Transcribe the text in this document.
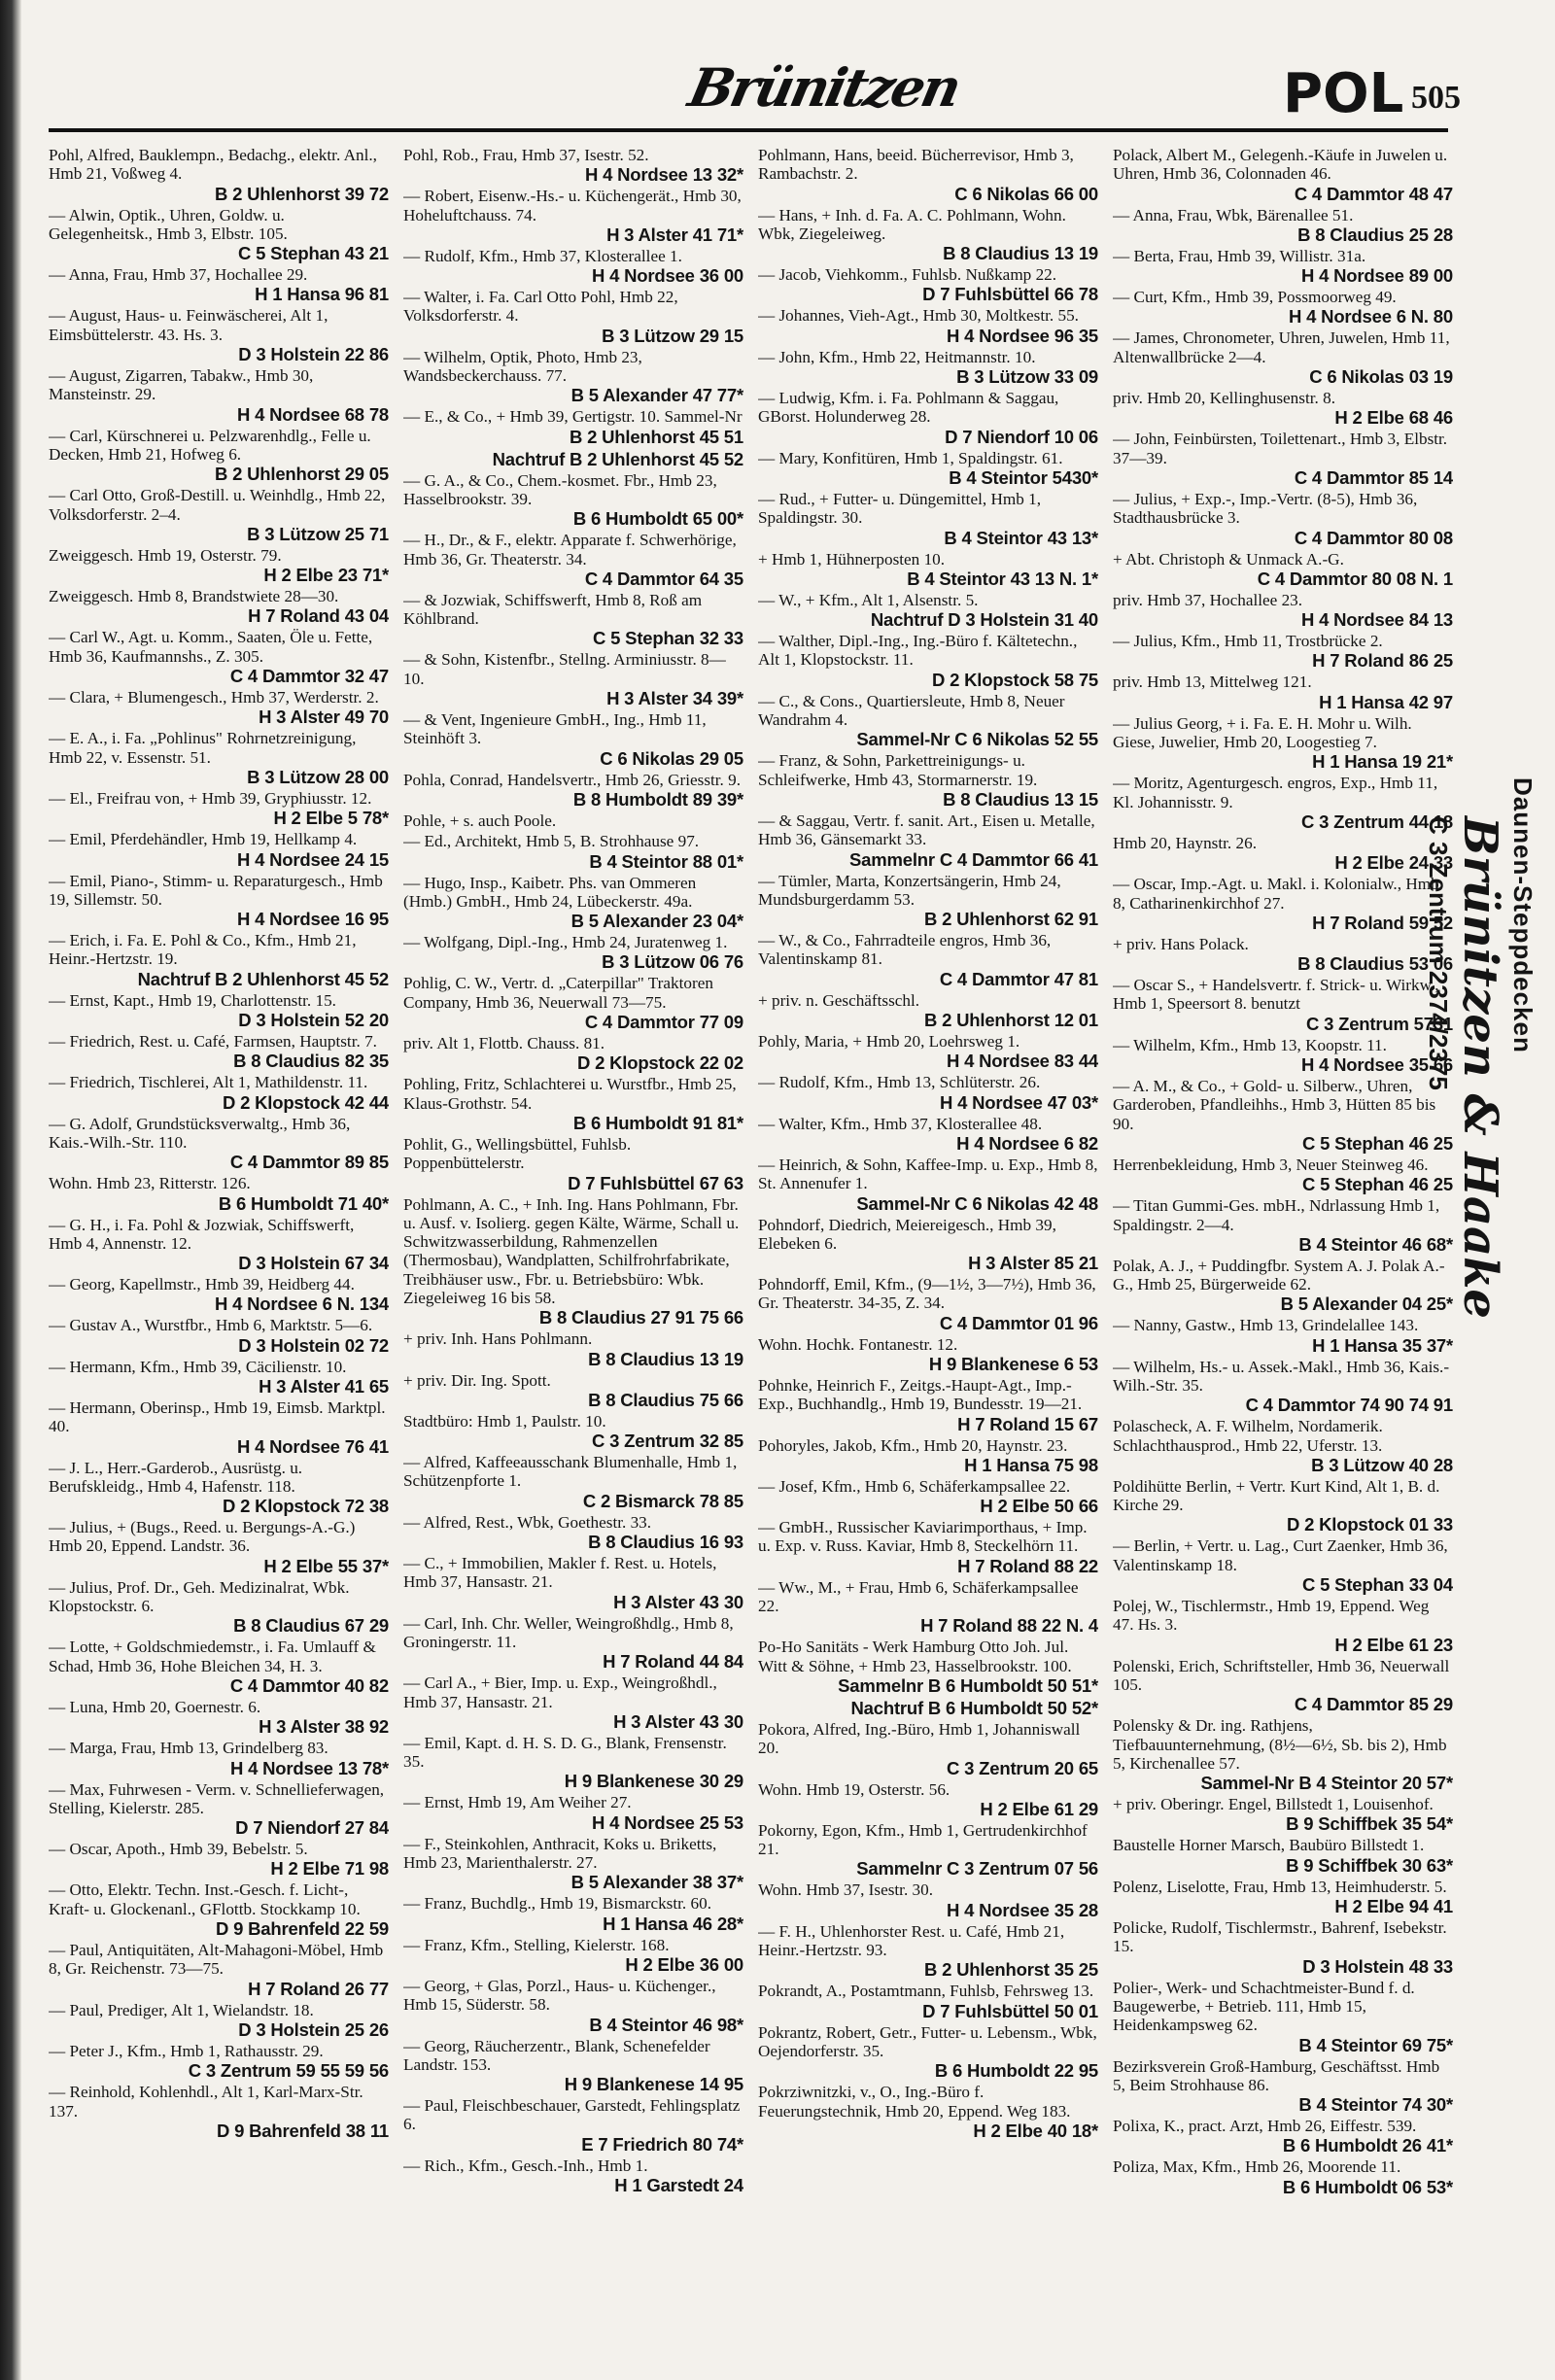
Brünitzen	POL 505
Pohl, Alfred, Bauklempn., Bedachg., elektr. Anl., Hmb 21, Voßweg 4.
B 2 Uhlenhorst 39 72
— Alwin, Optik., Uhren, Goldw. u. Gelegenheitsk., Hmb 3, Elbstr. 105.
C 5 Stephan 43 21
— Anna, Frau, Hmb 37, Hochallee 29.
H 1 Hansa 96 81
— August, Haus- u. Feinwäscherei, Alt 1, Eimsbüttelerstr. 43. Hs. 3.
D 3 Holstein 22 86
— August, Zigarren, Tabakw., Hmb 30, Mansteinstr. 29.
H 4 Nordsee 68 78
— Carl, Kürschnerei u. Pelzwarenhdlg., Felle u. Decken, Hmb 21, Hofweg 6.
B 2 Uhlenhorst 29 05
— Carl Otto, Groß-Destill. u. Weinhdlg., Hmb 22, Volksdorferstr. 2–4.
B 3 Lützow 25 71
Zweiggesch. Hmb 19, Osterstr. 79.
H 2 Elbe 23 71*
Zweiggesch. Hmb 8, Brandstwiete 28—30.
H 7 Roland 43 04
— Carl W., Agt. u. Komm., Saaten, Öle u. Fette, Hmb 36, Kaufmannshs., Z. 305.
C 4 Dammtor 32 47
— Clara, + Blumengesch., Hmb 37, Werderstr. 2.
H 3 Alster 49 70
— E. A., i. Fa. „Pohlinus" Rohrnetzreinigung, Hmb 22, v. Essenstr. 51.
B 3 Lützow 28 00
— El., Freifrau von, + Hmb 39, Gryphiusstr. 12.
H 2 Elbe 5 78*
— Emil, Pferdehändler, Hmb 19, Hellkamp 4.
H 4 Nordsee 24 15
— Emil, Piano-, Stimm- u. Reparaturgesch., Hmb 19, Sillemstr. 50.
H 4 Nordsee 16 95
— Erich, i. Fa. E. Pohl & Co., Kfm., Hmb 21, Heinr.-Hertzstr. 19.
Nachtruf B 2 Uhlenhorst 45 52
— Ernst, Kapt., Hmb 19, Charlottenstr. 15.
D 3 Holstein 52 20
— Friedrich, Rest. u. Café, Farmsen, Hauptstr. 7.
B 8 Claudius 82 35
— Friedrich, Tischlerei, Alt 1, Mathildenstr. 11.
D 2 Klopstock 42 44
— G. Adolf, Grundstücksverwaltg., Hmb 36, Kais.-Wilh.-Str. 110.
C 4 Dammtor 89 85
Wohn. Hmb 23, Ritterstr. 126.
B 6 Humboldt 71 40*
— G. H., i. Fa. Pohl & Jozwiak, Schiffswerft, Hmb 4, Annenstr. 12.
D 3 Holstein 67 34
— Georg, Kapellmstr., Hmb 39, Heidberg 44.
H 4 Nordsee 6 N. 134
— Gustav A., Wurstfbr., Hmb 6, Marktstr. 5—6.
D 3 Holstein 02 72
— Hermann, Kfm., Hmb 39, Cäcilienstr. 10.
H 3 Alster 41 65
— Hermann, Oberinsp., Hmb 19, Eimsb. Marktpl. 40.
H 4 Nordsee 76 41
— J. L., Herr.-Garderob., Ausrüstg. u. Berufskleidg., Hmb 4, Hafenstr. 118.
D 2 Klopstock 72 38
— Julius, + (Bugs., Reed. u. Bergungs-A.-G.) Hmb 20, Eppend. Landstr. 36.
H 2 Elbe 55 37*
— Julius, Prof. Dr., Geh. Medizinalrat, Wbk. Klopstockstr. 6.
B 8 Claudius 67 29
— Lotte, + Goldschmiedemstr., i. Fa. Umlauff & Schad, Hmb 36, Hohe Bleichen 34, H. 3.
C 4 Dammtor 40 82
— Luna, Hmb 20, Goernestr. 6.
H 3 Alster 38 92
— Marga, Frau, Hmb 13, Grindelberg 83.
H 4 Nordsee 13 78*
— Max, Fuhrwesen - Verm. v. Schnellieferwagen, Stelling, Kielerstr. 285.
D 7 Niendorf 27 84
— Oscar, Apoth., Hmb 39, Bebelstr. 5.
H 2 Elbe 71 98
— Otto, Elektr. Techn. Inst.-Gesch. f. Licht-, Kraft- u. Glockenanl., GFlottb. Stockkamp 10.
D 9 Bahrenfeld 22 59
— Paul, Antiquitäten, Alt-Mahagoni-Möbel, Hmb 8, Gr. Reichenstr. 73—75.
H 7 Roland 26 77
— Paul, Prediger, Alt 1, Wielandstr. 18.
D 3 Holstein 25 26
— Peter J., Kfm., Hmb 1, Rathausstr. 29.
C 3 Zentrum 59 55 59 56
— Reinhold, Kohlenhdl., Alt 1, Karl-Marx-Str. 137.
D 9 Bahrenfeld 38 11
Pohl, Rob., Frau, Hmb 37, Isestr. 52.
H 4 Nordsee 13 32*
— Robert, Eisenw.-Hs.- u. Küchengerät., Hmb 30, Hoheluftchauss. 74.
H 3 Alster 41 71*
— Rudolf, Kfm., Hmb 37, Klosterallee 1.
H 4 Nordsee 36 00
— Walter, i. Fa. Carl Otto Pohl, Hmb 22, Volksdorferstr. 4.
B 3 Lützow 29 15
— Wilhelm, Optik, Photo, Hmb 23, Wandsbeckerchauss. 77.
B 5 Alexander 47 77*
— E., & Co., + Hmb 39, Gertigstr. 10. Sammel-Nr
B 2 Uhlenhorst 45 51
Nachtruf B 2 Uhlenhorst 45 52
— G. A., & Co., Chem.-kosmet. Fbr., Hmb 23, Hasselbrookstr. 39.
B 6 Humboldt 65 00*
— H., Dr., & F., elektr. Apparate f. Schwerhörige, Hmb 36, Gr. Theaterstr. 34.
C 4 Dammtor 64 35
— & Jozwiak, Schiffswerft, Hmb 8, Roß am Köhlbrand.
C 5 Stephan 32 33
— & Sohn, Kistenfbr., Stellng. Arminiusstr. 8—10.
H 3 Alster 34 39*
— & Vent, Ingenieure GmbH., Ing., Hmb 11, Steinhöft 3.
C 6 Nikolas 29 05
Pohla, Conrad, Handelsvertr., Hmb 26, Griesstr. 9.
B 8 Humboldt 89 39*
Pohle, + s. auch Poole.
— Ed., Architekt, Hmb 5, B. Strohhause 97.
B 4 Steintor 88 01*
— Hugo, Insp., Kaibetr. Phs. van Ommeren (Hmb.) GmbH., Hmb 24, Lübeckerstr. 49a.
B 5 Alexander 23 04*
— Wolfgang, Dipl.-Ing., Hmb 24, Juratenweg 1.
B 3 Lützow 06 76
Pohlig, C. W., Vertr. d. „Caterpillar" Traktoren Company, Hmb 36, Neuerwall 73—75.
C 4 Dammtor 77 09
priv. Alt 1, Flottb. Chauss. 81.
D 2 Klopstock 22 02
Pohling, Fritz, Schlachterei u. Wurstfbr., Hmb 25, Klaus-Grothstr. 54.
B 6 Humboldt 91 81*
Pohlit, G., Wellingsbüttel, Fuhlsb. Poppenbüttelerstr.
D 7 Fuhlsbüttel 67 63
Pohlmann, A. C., + Inh. Ing. Hans Pohlmann, Fbr. u. Ausf. v. Isolierg. gegen Kälte, Wärme, Schall u. Schwitzwasserbildung, Rahmenzellen (Thermosbau), Wandplatten, Schilfrohrfabrikate, Treibhäuser usw., Fbr. u. Betriebsbüro: Wbk. Ziegeleiweg 16 bis 58.
B 8 Claudius 27 91 75 66
+ priv. Inh. Hans Pohlmann.
B 8 Claudius 13 19
+ priv. Dir. Ing. Spott.
B 8 Claudius 75 66
Stadtbüro: Hmb 1, Paulstr. 10.
C 3 Zentrum 32 85
— Alfred, Kaffeeausschank Blumenhalle, Hmb 1, Schützenpforte 1.
C 2 Bismarck 78 85
— Alfred, Rest., Wbk, Goethestr. 33.
B 8 Claudius 16 93
— C., + Immobilien, Makler f. Rest. u. Hotels, Hmb 37, Hansastr. 21.
H 3 Alster 43 30
— Carl, Inh. Chr. Weller, Weingroßhdlg., Hmb 8, Groningerstr. 11.
H 7 Roland 44 84
— Carl A., + Bier, Imp. u. Exp., Weingroßhdl., Hmb 37, Hansastr. 21.
H 3 Alster 43 30
— Emil, Kapt. d. H. S. D. G., Blank, Frensenstr. 35.
H 9 Blankenese 30 29
— Ernst, Hmb 19, Am Weiher 27.
H 4 Nordsee 25 53
— F., Steinkohlen, Anthracit, Koks u. Briketts, Hmb 23, Marienthalerstr. 27.
B 5 Alexander 38 37*
— Franz, Buchdlg., Hmb 19, Bismarckstr. 60.
H 1 Hansa 46 28*
— Franz, Kfm., Stelling, Kielerstr. 168.
H 2 Elbe 36 00
— Georg, + Glas, Porzl., Haus- u. Küchenger., Hmb 15, Süderstr. 58.
B 4 Steintor 46 98*
— Georg, Räucherzentr., Blank, Schenefelder Landstr. 153.
H 9 Blankenese 14 95
— Paul, Fleischbeschauer, Garstedt, Fehlingsplatz 6.
E 7 Friedrich 80 74*
— Rich., Kfm., Gesch.-Inh., Hmb 1.
H 1 Garstedt 24
Pohlmann, Hans, beeid. Bücherrevisor, Hmb 3, Rambachstr. 2.
C 6 Nikolas 66 00
— Hans, + Inh. d. Fa. A. C. Pohlmann, Wohn. Wbk, Ziegeleiweg.
B 8 Claudius 13 19
— Jacob, Viehkomm., Fuhlsb. Nußkamp 22.
D 7 Fuhlsbüttel 66 78
— Johannes, Vieh-Agt., Hmb 30, Moltkestr. 55.
H 4 Nordsee 96 35
— John, Kfm., Hmb 22, Heitmannstr. 10.
B 3 Lützow 33 09
— Ludwig, Kfm. i. Fa. Pohlmann & Saggau, GBorst. Holunderweg 28.
D 7 Niendorf 10 06
— Mary, Konfitüren, Hmb 1, Spaldingstr. 61.
B 4 Steintor 5430*
— Rud., + Futter- u. Düngemittel, Hmb 1, Spaldingstr. 30.
B 4 Steintor 43 13*
+ Hmb 1, Hühnerposten 10.
B 4 Steintor 43 13 N. 1*
— W., + Kfm., Alt 1, Alsenstr. 5.
Nachtruf D 3 Holstein 31 40
— Walther, Dipl.-Ing., Ing.-Büro f. Kältetechn., Alt 1, Klopstockstr. 11.
D 2 Klopstock 58 75
— C., & Cons., Quartiersleute, Hmb 8, Neuer Wandrahm 4.
Sammel-Nr C 6 Nikolas 52 55
— Franz, & Sohn, Parkettreinigungs- u. Schleifwerke, Hmb 43, Stormarnerstr. 19.
B 8 Claudius 13 15
— & Saggau, Vertr. f. sanit. Art., Eisen u. Metalle, Hmb 36, Gänsemarkt 33.
Sammelnr C 4 Dammtor 66 41
— Tümler, Marta, Konzertsängerin, Hmb 24, Mundsburgerdamm 53.
B 2 Uhlenhorst 62 91
— W., & Co., Fahrradteile engros, Hmb 36, Valentinskamp 81.
C 4 Dammtor 47 81
+ priv. n. Geschäftsschl.
B 2 Uhlenhorst 12 01
Pohly, Maria, + Hmb 20, Loehrsweg 1.
H 4 Nordsee 83 44
— Rudolf, Kfm., Hmb 13, Schlüterstr. 26.
H 4 Nordsee 47 03*
— Walter, Kfm., Hmb 37, Klosterallee 48.
H 4 Nordsee 6 82
— Heinrich, & Sohn, Kaffee-Imp. u. Exp., Hmb 8, St. Annenufer 1.
Sammel-Nr C 6 Nikolas 42 48
Pohndorf, Diedrich, Meiereigesch., Hmb 39, Elebeken 6.
H 3 Alster 85 21
Pohndorff, Emil, Kfm., (9—1½, 3—7½), Hmb 36, Gr. Theaterstr. 34-35, Z. 34.
C 4 Dammtor 01 96
Wohn. Hochk. Fontanestr. 12.
H 9 Blankenese 6 53
Pohnke, Heinrich F., Zeitgs.-Haupt-Agt., Imp.-Exp., Buchhandlg., Hmb 19, Bundesstr. 19—21.
H 7 Roland 15 67
Pohoryles, Jakob, Kfm., Hmb 20, Haynstr. 23.
H 1 Hansa 75 98
— Josef, Kfm., Hmb 6, Schäferkampsallee 22.
H 2 Elbe 50 66
— GmbH., Russischer Kaviarimporthaus, + Imp. u. Exp. v. Russ. Kaviar, Hmb 8, Steckelhörn 11.
H 7 Roland 88 22
— Ww., M., + Frau, Hmb 6, Schäferkampsallee 22.
H 7 Roland 88 22 N. 4
Po-Ho Sanitäts - Werk Hamburg Otto Joh. Jul. Witt & Söhne, + Hmb 23, Hasselbrookstr. 100.
Sammelnr B 6 Humboldt 50 51*
Nachtruf B 6 Humboldt 50 52*
Pokora, Alfred, Ing.-Büro, Hmb 1, Johanniswall 20.
C 3 Zentrum 20 65
Wohn. Hmb 19, Osterstr. 56.
H 2 Elbe 61 29
Pokorny, Egon, Kfm., Hmb 1, Gertrudenkirchhof 21.
Sammelnr C 3 Zentrum 07 56
Wohn. Hmb 37, Isestr. 30.
H 4 Nordsee 35 28
— F. H., Uhlenhorster Rest. u. Café, Hmb 21, Heinr.-Hertzstr. 93.
B 2 Uhlenhorst 35 25
Pokrandt, A., Postamtmann, Fuhlsb, Fehrsweg 13.
D 7 Fuhlsbüttel 50 01
Pokrantz, Robert, Getr., Futter- u. Lebensm., Wbk, Oejendorferstr. 35.
B 6 Humboldt 22 95
Pokrziwnitzki, v., O., Ing.-Büro f. Feuerungstechnik, Hmb 20, Eppend. Weg 183.
H 2 Elbe 40 18*
Polack, Albert M., Gelegenh.-Käufe in Juwelen u. Uhren, Hmb 36, Colonnaden 46.
C 4 Dammtor 48 47
— Anna, Frau, Wbk, Bärenallee 51.
B 8 Claudius 25 28
— Berta, Frau, Hmb 39, Willistr. 31a.
H 4 Nordsee 89 00
— Curt, Kfm., Hmb 39, Possmoorweg 49.
H 4 Nordsee 6 N. 80
— James, Chronometer, Uhren, Juwelen, Hmb 11, Altenwallbrücke 2—4.
C 6 Nikolas 03 19
priv. Hmb 20, Kellinghusenstr. 8.
H 2 Elbe 68 46
— John, Feinbürsten, Toilettenart., Hmb 3, Elbstr. 37—39.
C 4 Dammtor 85 14
— Julius, + Exp.-, Imp.-Vertr. (8-5), Hmb 36, Stadthausbrücke 3.
C 4 Dammtor 80 08
+ Abt. Christoph & Unmack A.-G.
C 4 Dammtor 80 08 N. 1
priv. Hmb 37, Hochallee 23.
H 4 Nordsee 84 13
— Julius, Kfm., Hmb 11, Trostbrücke 2.
H 7 Roland 86 25
priv. Hmb 13, Mittelweg 121.
H 1 Hansa 42 97
— Julius Georg, + i. Fa. E. H. Mohr u. Wilh. Giese, Juwelier, Hmb 20, Loogestieg 7.
H 1 Hansa 19 21*
— Moritz, Agenturgesch. engros, Exp., Hmb 11, Kl. Johannisstr. 9.
C 3 Zentrum 44 18
Hmb 20, Haynstr. 26.
H 2 Elbe 24 33
— Oscar, Imp.-Agt. u. Makl. i. Kolonialw., Hmb 8, Catharinenkirchhof 27.
H 7 Roland 59 52
+ priv. Hans Polack.
B 8 Claudius 53 06
— Oscar S., + Handelsvertr. f. Strick- u. Wirkw., Hmb 1, Speersort 8. benutzt
C 3 Zentrum 5731
— Wilhelm, Kfm., Hmb 13, Koopstr. 11.
H 4 Nordsee 35 66
— A. M., & Co., + Gold- u. Silberw., Uhren, Garderoben, Pfandleihhs., Hmb 3, Hütten 85 bis 90.
C 5 Stephan 46 25
Herrenbekleidung, Hmb 3, Neuer Steinweg 46.
C 5 Stephan 46 25
— Titan Gummi-Ges. mbH., Ndrlassung Hmb 1, Spaldingstr. 2—4.
B 4 Steintor 46 68*
Polak, A. J., + Puddingfbr. System A. J. Polak A.-G., Hmb 25, Bürgerweide 62.
B 5 Alexander 04 25*
— Nanny, Gastw., Hmb 13, Grindelallee 143.
H 1 Hansa 35 37*
— Wilhelm, Hs.- u. Assek.-Makl., Hmb 36, Kais.-Wilh.-Str. 35.
C 4 Dammtor 74 90 74 91
Polascheck, A. F. Wilhelm, Nordamerik. Schlachthausprod., Hmb 22, Uferstr. 13.
B 3 Lützow 40 28
Poldihütte Berlin, + Vertr. Kurt Kind, Alt 1, B. d. Kirche 29.
D 2 Klopstock 01 33
— Berlin, + Vertr. u. Lag., Curt Zaenker, Hmb 36, Valentinskamp 18.
C 5 Stephan 33 04
Polej, W., Tischlermstr., Hmb 19, Eppend. Weg 47. Hs. 3.
H 2 Elbe 61 23
Polenski, Erich, Schriftsteller, Hmb 36, Neuerwall 105.
C 4 Dammtor 85 29
Polensky & Dr. ing. Rathjens, Tiefbauunternehmung, (8½—6½, Sb. bis 2), Hmb 5, Kirchenallee 57.
Sammel-Nr B 4 Steintor 20 57*
+ priv. Oberingr. Engel, Billstedt 1, Louisenhof.
B 9 Schiffbek 35 54*
Baustelle Horner Marsch, Baubüro Billstedt 1.
B 9 Schiffbek 30 63*
Polenz, Liselotte, Frau, Hmb 13, Heimhuderstr. 5.
H 2 Elbe 94 41
Policke, Rudolf, Tischlermstr., Bahrenf, Isebekstr. 15.
D 3 Holstein 48 33
Polier-, Werk- und Schachtmeister-Bund f. d. Baugewerbe, + Betrieb. 111, Hmb 15, Heidenkampsweg 62.
B 4 Steintor 69 75*
Bezirksverein Groß-Hamburg, Geschäftsst. Hmb 5, Beim Strohhause 86.
B 4 Steintor 74 30*
Polixa, K., pract. Arzt, Hmb 26, Eiffestr. 539.
B 6 Humboldt 26 41*
Poliza, Max, Kfm., Hmb 26, Moorende 11.
B 6 Humboldt 06 53*
Daunen-Steppdecken
Brünitzen & Haake
C 3 Zentrum 2374/2375
